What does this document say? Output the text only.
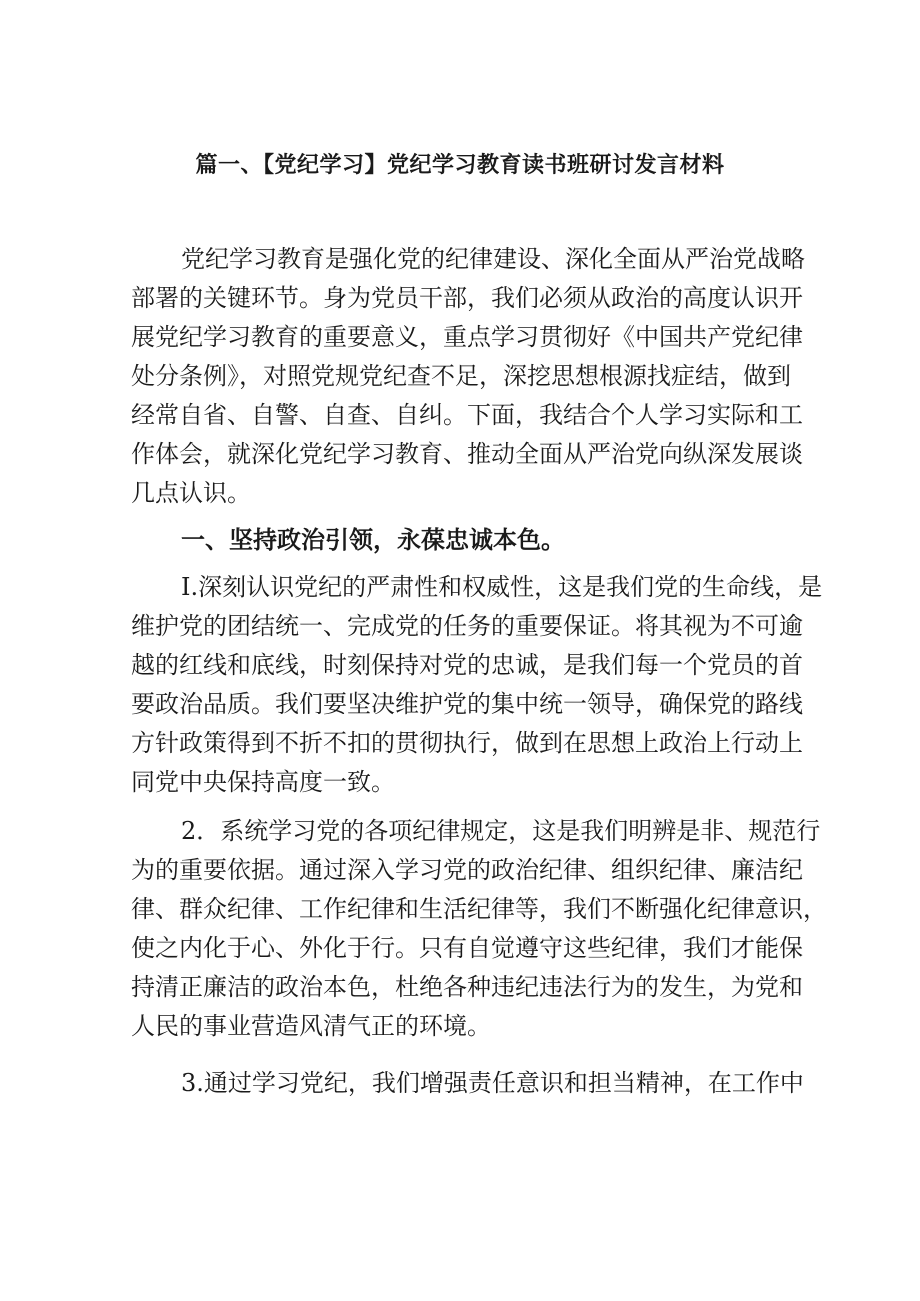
篇一、【党纪学习】党纪学习教育读书班研讨发言材料
党纪学习教育是强化党的纪律建设、深化全面从严治党战略
部署的关键环节。身为党员干部，我们必须从政治的高度认识开
展党纪学习教育的重要意义，重点学习贯彻好《中国共产党纪律
处分条例》，对照党规党纪查不足，深挖思想根源找症结，做到
经常自省、自警、自查、自纠。下面，我结合个人学习实际和工
作体会，就深化党纪学习教育、推动全面从严治党向纵深发展谈
几点认识。
一、坚持政治引领，永葆忠诚本色。
I.深刻认识党纪的严肃性和权威性，这是我们党的生命线，是
维护党的团结统一、完成党的任务的重要保证。将其视为不可逾
越的红线和底线，时刻保持对党的忠诚，是我们每一个党员的首
要政治品质。我们要坚决维护党的集中统一领导，确保党的路线
方针政策得到不折不扣的贯彻执行，做到在思想上政治上行动上
同党中央保持高度一致。
2．系统学习党的各项纪律规定，这是我们明辨是非、规范行
为的重要依据。通过深入学习党的政治纪律、组织纪律、廉洁纪
律、群众纪律、工作纪律和生活纪律等，我们不断强化纪律意识，
使之内化于心、外化于行。只有自觉遵守这些纪律，我们才能保
持清正廉洁的政治本色，杜绝各种违纪违法行为的发生，为党和
人民的事业营造风清气正的环境。
3.通过学习党纪，我们增强责任意识和担当精神，在工作中
